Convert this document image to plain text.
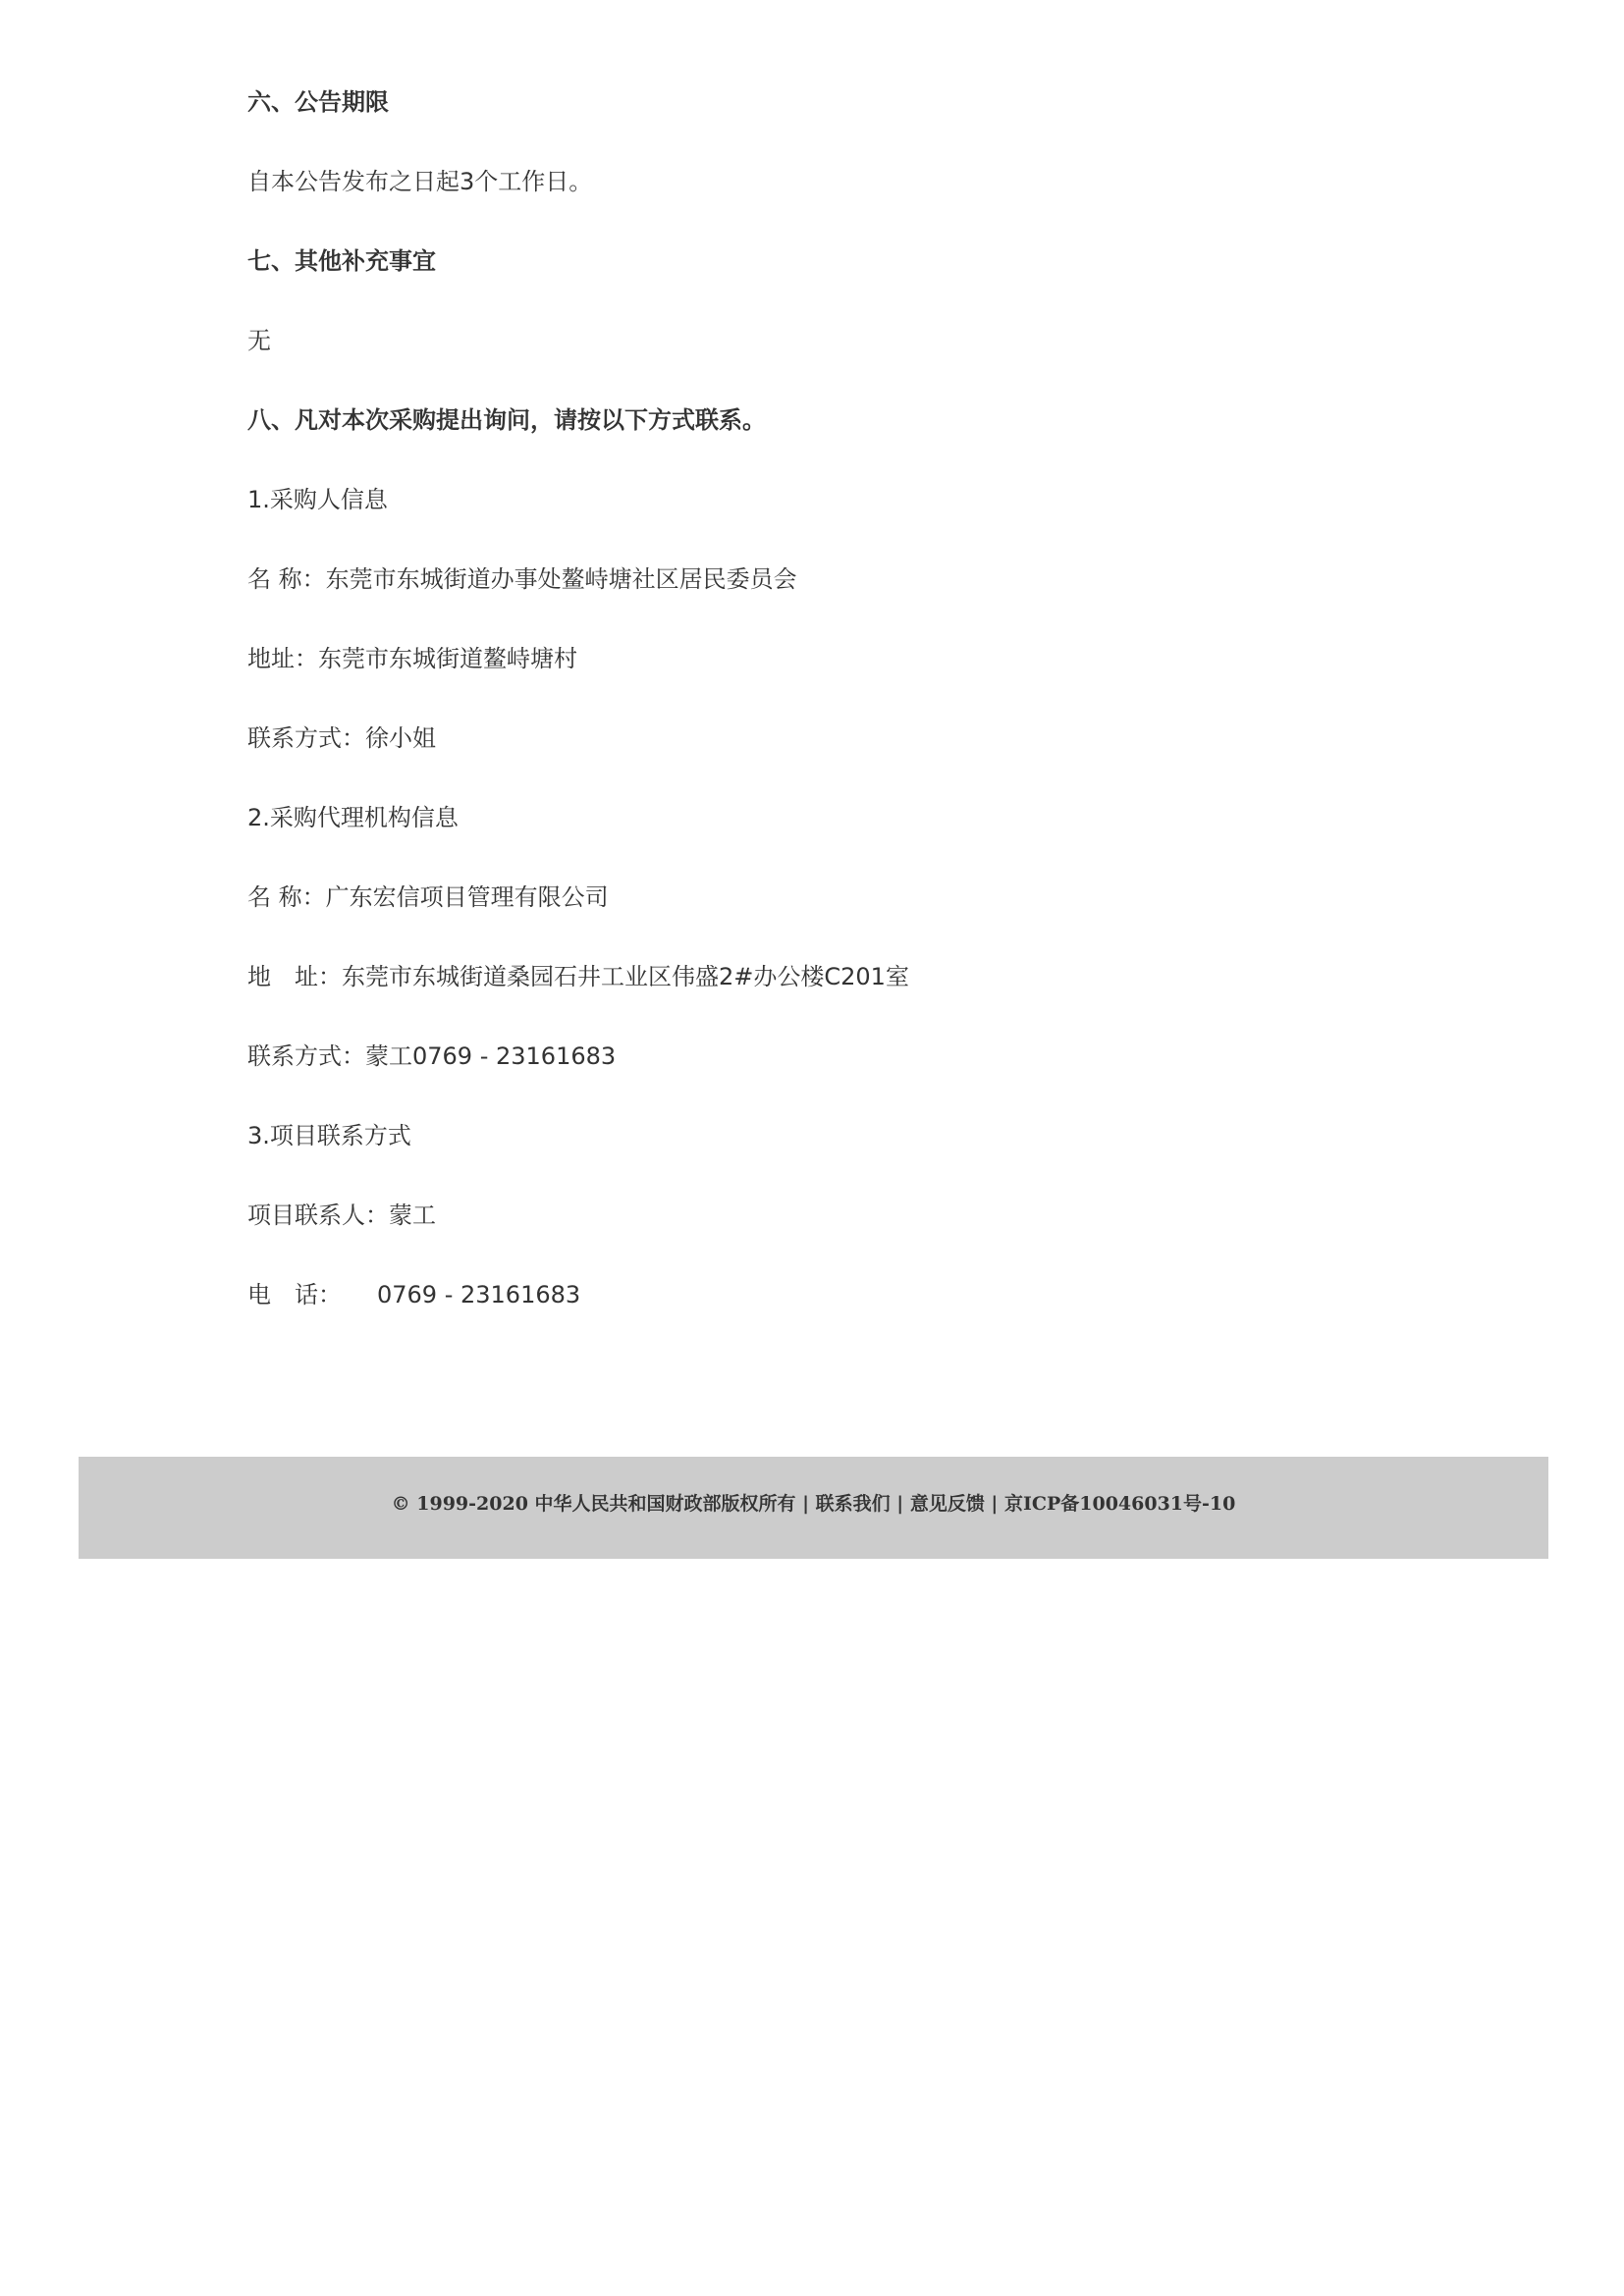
六、公告期限
自本公告发布之日起3个工作日。
七、其他补充事宜
无
八、凡对本次采购提出询问，请按以下方式联系。
1.采购人信息
名 称：东莞市东城街道办事处鳌峙塘社区居民委员会
地址：东莞市东城街道鳌峙塘村
联系方式：徐小姐
2.采购代理机构信息
名 称：广东宏信项目管理有限公司
地　址：东莞市东城街道桑园石井工业区伟盛2#办公楼C201室
联系方式：蒙工0769 - 23161683
3.项目联系方式
项目联系人：蒙工
电　话：　　0769 - 23161683
© 1999-2020 中华人民共和国财政部版权所有 | 联系我们 | 意见反馈 | 京ICP备10046031号-10
